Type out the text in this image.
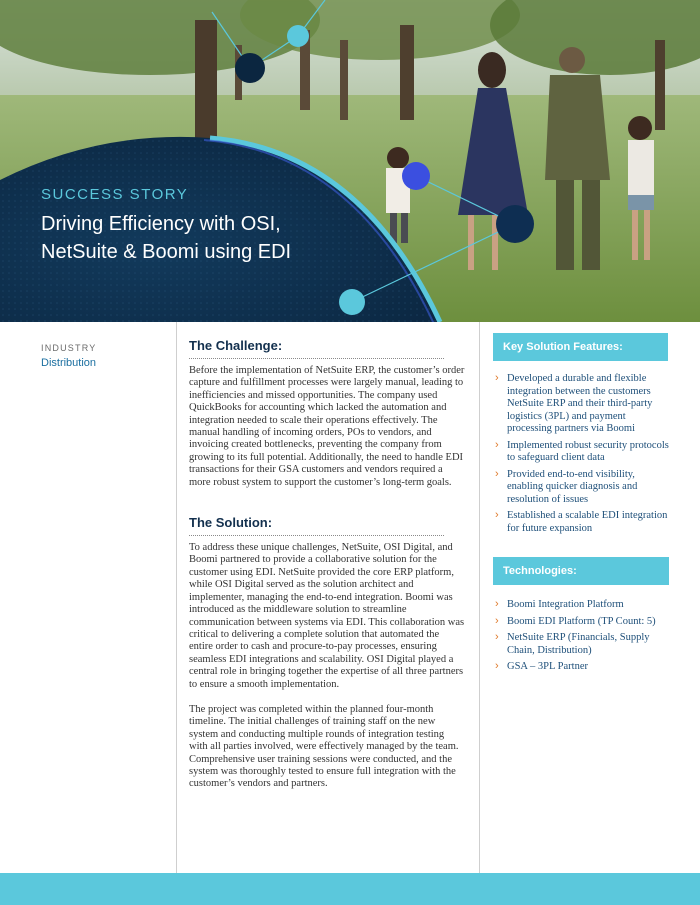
SUCCESS STORY
Driving Efficiency with OSI, NetSuite & Boomi using EDI
INDUSTRY
Distribution
The Challenge:

Before the implementation of NetSuite ERP, the customer’s order capture and fulfillment processes were largely manual, leading to inefficiencies and missed opportunities. The company used QuickBooks for accounting which lacked the automation and integration needed to scale their operations effectively. The manual handling of incoming orders, POs to vendors, and invoicing created bottlenecks, preventing the company from growing to its full potential. Additionally, the need to handle EDI transactions for their GSA customers and vendors required a more robust system to support the customer’s long-term goals.

The Solution:

To address these unique challenges, NetSuite, OSI Digital, and Boomi partnered to provide a collaborative solution for the customer using EDI. NetSuite provided the core ERP platform, while OSI Digital served as the solution architect and implementer, managing the end-to-end integration. Boomi was introduced as the middleware solution to streamline communication between systems via EDI. This collaboration was critical to delivering a complete solution that automated the entire order to cash and procure-to-pay processes, ensuring seamless EDI integrations and scalability. OSI Digital played a central role in bringing together the expertise of all three partners to ensure a smooth implementation.

The project was completed within the planned four-month timeline. The initial challenges of training staff on the new system and conducting multiple rounds of integration testing with all parties involved, were effectively managed by the team. Comprehensive user training sessions were conducted, and the system was thoroughly tested to ensure full integration with the customer’s vendors and partners.

Key Solution Features:
› Developed a durable and flexible integration between the customers NetSuite ERP and their third-party logistics (3PL) and payment processing partners via Boomi
› Implemented robust security protocols to safeguard client data
› Provided end-to-end visibility, enabling quicker diagnosis and resolution of issues
› Established a scalable EDI integration for future expansion
Technologies:
› Boomi Integration Platform
› Boomi EDI Platform (TP Count: 5)
› NetSuite ERP (Financials, Supply Chain, Distribution)
› GSA – 3PL Partner
